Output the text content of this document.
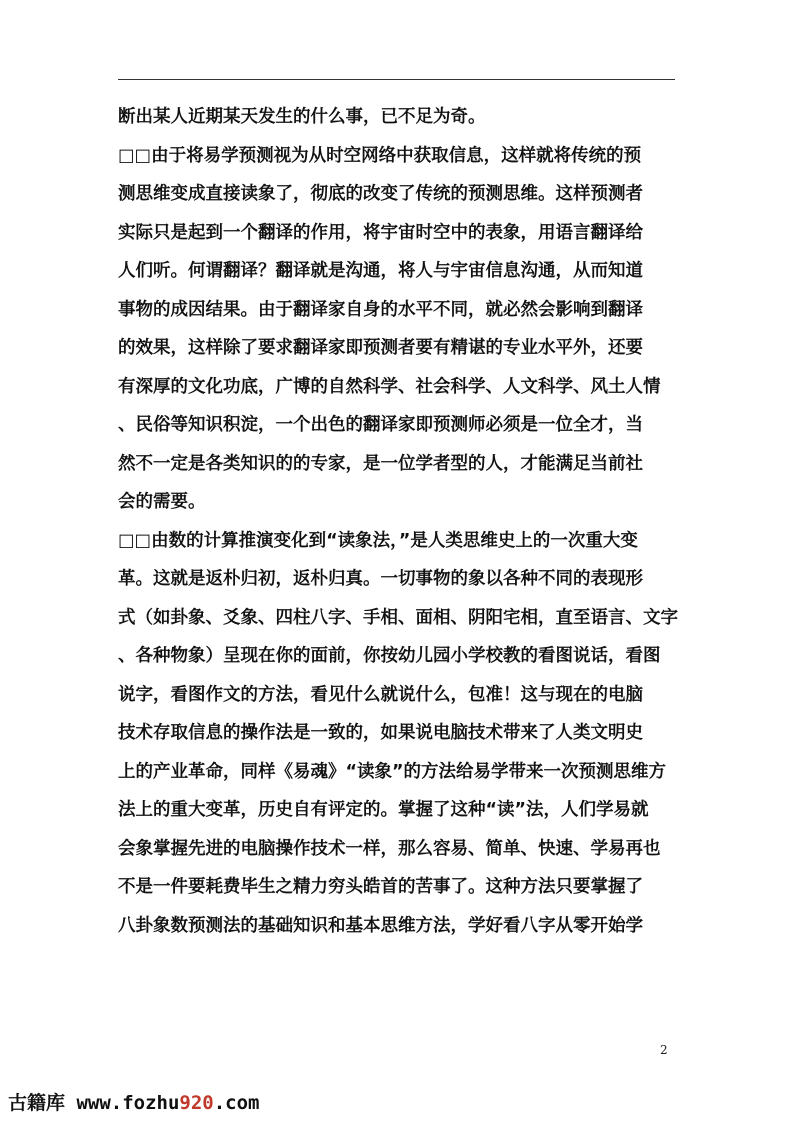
断出某人近期某天发生的什么事，已不足为奇。
□□由于将易学预测视为从时空网络中获取信息，这样就将传统的预
测思维变成直接读象了，彻底的改变了传统的预测思维。这样预测者
实际只是起到一个翻译的作用，将宇宙时空中的表象，用语言翻译给
人们听。何谓翻译？翻译就是沟通，将人与宇宙信息沟通，从而知道
事物的成因结果。由于翻译家自身的水平不同，就必然会影响到翻译
的效果，这样除了要求翻译家即预测者要有精谌的专业水平外，还要
有深厚的文化功底，广博的自然科学、社会科学、人文科学、风土人情
、民俗等知识积淀，一个出色的翻译家即预测师必须是一位全才，当
然不一定是各类知识的的专家，是一位学者型的人，才能满足当前社
会的需要。
□□由数的计算推演变化到“读象法，”是人类思维史上的一次重大变
革。这就是返朴归初，返朴归真。一切事物的象以各种不同的表现形
式（如卦象、爻象、四柱八字、手相、面相、阴阳宅相，直至语言、文字
、各种物象）呈现在你的面前，你按幼儿园小学校教的看图说话，看图
说字，看图作文的方法，看见什么就说什么，包准！这与现在的电脑
技术存取信息的操作法是一致的，如果说电脑技术带来了人类文明史
上的产业革命，同样《易魂》“读象”的方法给易学带来一次预测思维方
法上的重大变革，历史自有评定的。掌握了这种“读”法，人们学易就
会象掌握先进的电脑操作技术一样，那么容易、简单、快速、学易再也
不是一件要耗费毕生之精力穷头皓首的苦事了。这种方法只要掌握了
八卦象数预测法的基础知识和基本思维方法，学好看八字从零开始学
2
古籍库 www.fozhu920.com
